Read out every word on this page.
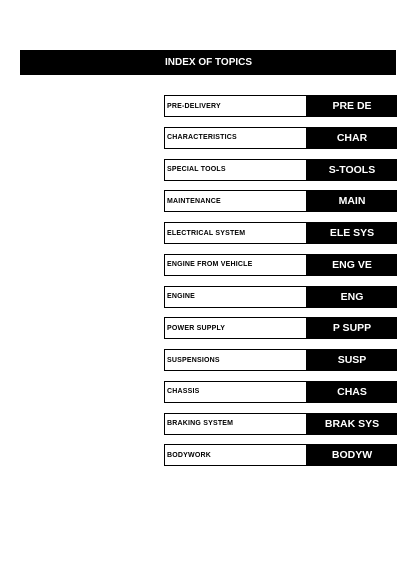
INDEX OF TOPICS
PRE-DELIVERY	PRE DE
CHARACTERISTICS	CHAR
SPECIAL TOOLS	S-TOOLS
MAINTENANCE	MAIN
ELECTRICAL SYSTEM	ELE SYS
ENGINE FROM VEHICLE	ENG VE
ENGINE	ENG
POWER SUPPLY	P SUPP
SUSPENSIONS	SUSP
CHASSIS	CHAS
BRAKING SYSTEM	BRAK SYS
BODYWORK	BODYW
